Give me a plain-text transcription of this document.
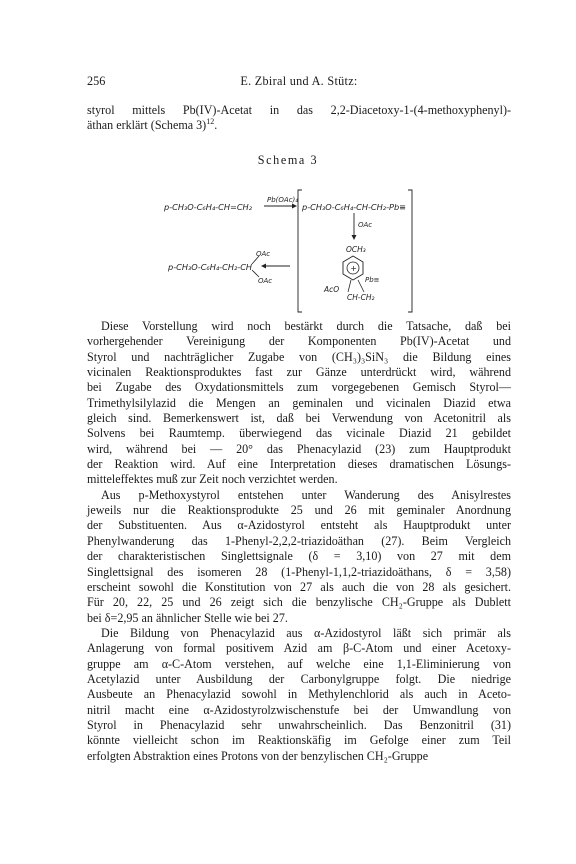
256	E. Zbiral und A. Stütz:

styrol mittels Pb(IV)-Acetat in das 2,2-Diacetoxy-1-(4-methoxyphenyl)-

äthan erklärt (Schema 3)$^{12}$.

Schema 3
p-CH₃O-C₆H₄-CH=CH₂
Pb(OAc)₄
p-CH₃O-C₆H₄-CH-CH₂-Pb≡
OAc
OCH₃
+
AcO
Pb≡
CH-CH₂
p-CH₃O-C₆H₄-CH₂-CH
OAc
OAc

Diese Vorstellung wird noch bestärkt durch die Tatsache, daß bei

vorhergehender Vereinigung der Komponenten Pb(IV)-Acetat und

Styrol und nachträglicher Zugabe von (CH₃)₃SiN₃ die Bildung eines

vicinalen Reaktionsproduktes fast zur Gänze unterdrückt wird, während

bei Zugabe des Oxydationsmittels zum vorgegebenen Gemisch Styrol—

Trimethylsilylazid die Mengen an geminalen und vicinalen Diazid etwa

gleich sind. Bemerkenswert ist, daß bei Verwendung von Acetonitril als

Solvens bei Raumtemp. überwiegend das vicinale Diazid 21 gebildet

wird, während bei — 20° das Phenacylazid (23) zum Hauptprodukt

der Reaktion wird. Auf eine Interpretation dieses dramatischen Lösungs-

mitteleffektes muß zur Zeit noch verzichtet werden.

Aus p-Methoxystyrol entstehen unter Wanderung des Anisylrestes

jeweils nur die Reaktionsprodukte 25 und 26 mit geminaler Anordnung

der Substituenten. Aus α-Azidostyrol entsteht als Hauptprodukt unter

Phenylwanderung das 1-Phenyl-2,2,2-triazidoäthan (27). Beim Vergleich

der charakteristischen Singlettsignale (δ = 3,10) von 27 mit dem

Singlettsignal des isomeren 28 (1-Phenyl-1,1,2-triazidoäthans, δ = 3,58)

erscheint sowohl die Konstitution von 27 als auch die von 28 als gesichert.

Für 20, 22, 25 und 26 zeigt sich die benzylische CH₂-Gruppe als Dublett

bei δ=2,95 an ähnlicher Stelle wie bei 27.

Die Bildung von Phenacylazid aus α-Azidostyrol läßt sich primär als

Anlagerung von formal positivem Azid am β-C-Atom und einer Acetoxy-

gruppe am α-C-Atom verstehen, auf welche eine 1,1-Eliminierung von

Acetylazid unter Ausbildung der Carbonylgruppe folgt. Die niedrige

Ausbeute an Phenacylazid sowohl in Methylenchlorid als auch in Aceto-

nitril macht eine α-Azidostyrolzwischenstufe bei der Umwandlung von

Styrol in Phenacylazid sehr unwahrscheinlich. Das Benzonitril (31)

könnte vielleicht schon im Reaktionskäfig im Gefolge einer zum Teil

erfolgten Abstraktion eines Protons von der benzylischen CH₂-Gruppe
